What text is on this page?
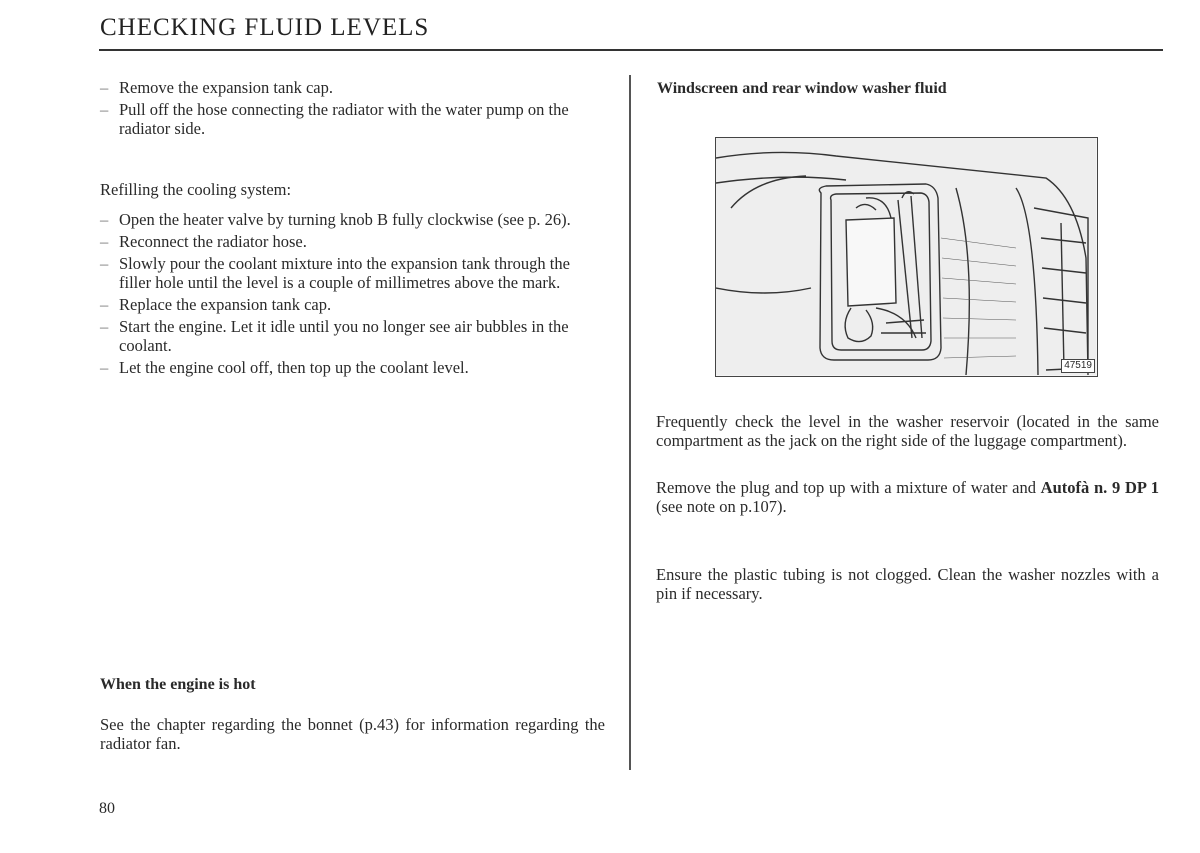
CHECKING FLUID LEVELS
– Remove the expansion tank cap.
– Pull off the hose connecting the radiator with the water pump on the radiator side.
Refilling the cooling system:
– Open the heater valve by turning knob B fully clockwise (see p. 26).
– Reconnect the radiator hose.
– Slowly pour the coolant mixture into the expansion tank through the filler hole until the level is a couple of millimetres above the mark.
– Replace the expansion tank cap.
– Start the engine. Let it idle until you no longer see air bubbles in the coolant.
– Let the engine cool off, then top up the coolant level.
When the engine is hot

See the chapter regarding the bonnet (p.43) for information regarding the radiator fan.

80
Windscreen and rear window washer fluid
47519

Frequently check the level in the washer reservoir (located in the same compartment as the jack on the right side of the luggage compartment).

Remove the plug and top up with a mixture of water and Autofà n. 9 DP 1 (see note on p.107).

Ensure the plastic tubing is not clogged. Clean the washer nozzles with a pin if necessary.
